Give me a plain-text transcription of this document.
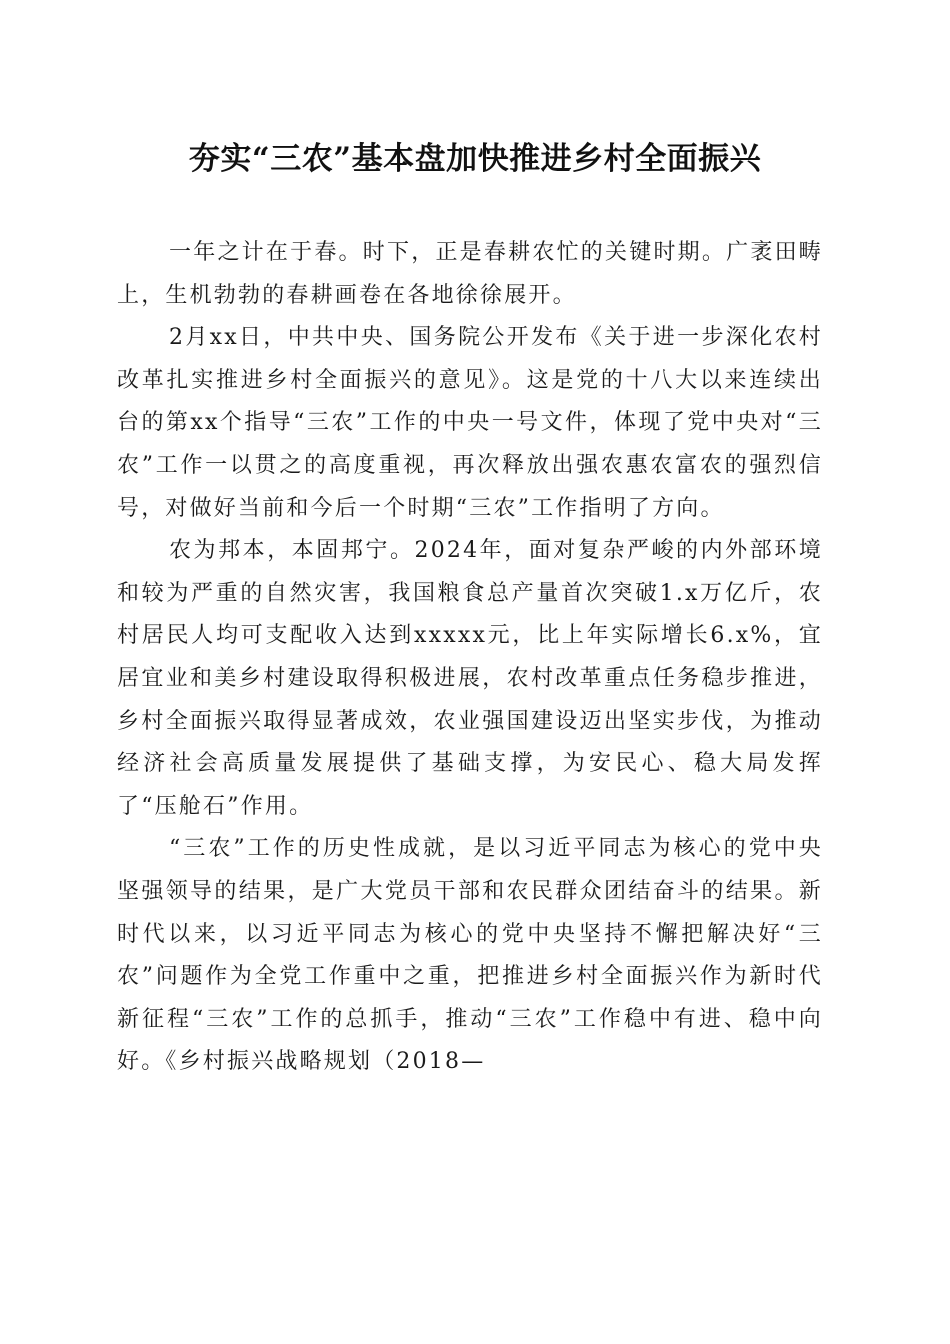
夯实“三农”基本盘加快推进乡村全面振兴

一年之计在于春。时下，正是春耕农忙的关键时期。广袤田畴上，生机勃勃的春耕画卷在各地徐徐展开。

2月xx日，中共中央、国务院公开发布《关于进一步深化农村改革扎实推进乡村全面振兴的意见》。这是党的十八大以来连续出台的第xx个指导“三农”工作的中央一号文件，体现了党中央对“三农”工作一以贯之的高度重视，再次释放出强农惠农富农的强烈信号，对做好当前和今后一个时期“三农”工作指明了方向。

农为邦本，本固邦宁。2024年，面对复杂严峻的内外部环境和较为严重的自然灾害，我国粮食总产量首次突破1.x万亿斤，农村居民人均可支配收入达到xxxxx元，比上年实际增长6.x%，宜居宜业和美乡村建设取得积极进展，农村改革重点任务稳步推进，乡村全面振兴取得显著成效，农业强国建设迈出坚实步伐，为推动经济社会高质量发展提供了基础支撑，为安民心、稳大局发挥了“压舱石”作用。

“三农”工作的历史性成就，是以习近平同志为核心的党中央坚强领导的结果，是广大党员干部和农民群众团结奋斗的结果。新时代以来，以习近平同志为核心的党中央坚持不懈把解决好“三农”问题作为全党工作重中之重，把推进乡村全面振兴作为新时代新征程“三农”工作的总抓手，推动“三农”工作稳中有进、稳中向好。《乡村振兴战略规划（2018—
